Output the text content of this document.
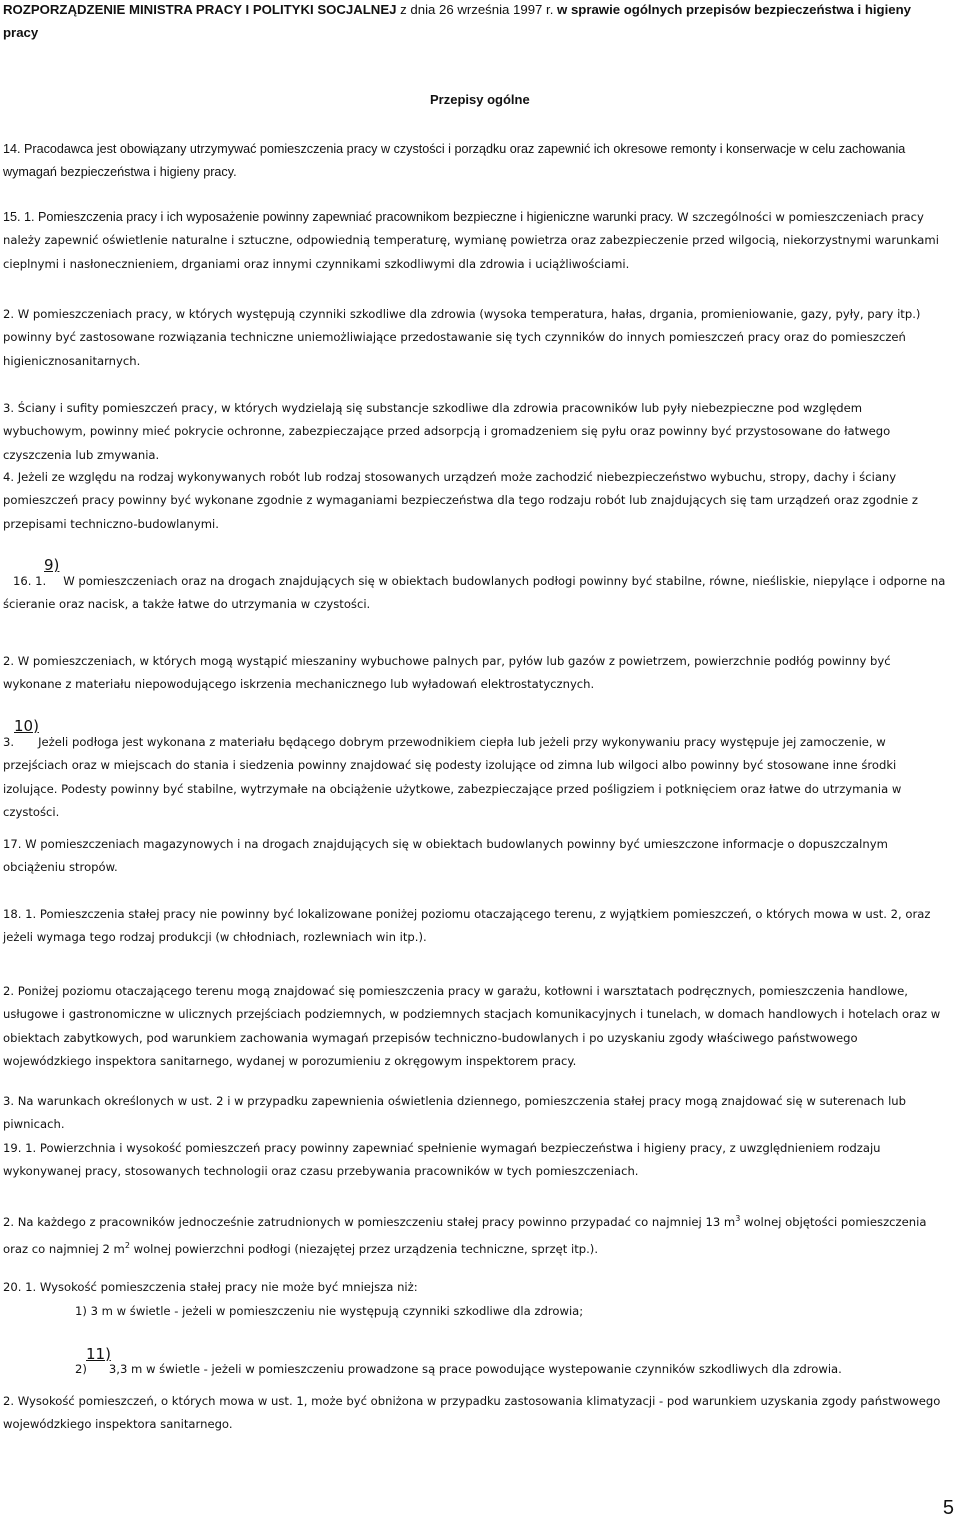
ROZPORZĄDZENIE MINISTRA PRACY I POLITYKI SOCJALNEJ z dnia 26 września 1997 r. w sprawie ogólnych przepisów bezpieczeństwa i higieny pracy
Przepisy ogólne

14. Pracodawca jest obowiązany utrzymywać pomieszczenia pracy w czystości i porządku oraz zapewnić ich okresowe remonty i konserwacje w celu zachowania wymagań bezpieczeństwa i higieny pracy.

15. 1. Pomieszczenia pracy i ich wyposażenie powinny zapewniać pracownikom bezpieczne i higieniczne warunki pracy. W szczególności w pomieszczeniach pracy należy zapewnić oświetlenie naturalne i sztuczne, odpowiednią temperaturę, wymianę powietrza oraz zabezpieczenie przed wilgocią, niekorzystnymi warunkami cieplnymi i nasłonecznieniem, drganiami oraz innymi czynnikami szkodliwymi dla zdrowia i uciążliwościami.

2. W pomieszczeniach pracy, w których występują czynniki szkodliwe dla zdrowia (wysoka temperatura, hałas, drgania, promieniowanie, gazy, pyły, pary itp.) powinny być zastosowane rozwiązania techniczne uniemożliwiające przedostawanie się tych czynników do innych pomieszczeń pracy oraz do pomieszczeń higienicznosanitarnych.

3. Ściany i sufity pomieszczeń pracy, w których wydzielają się substancje szkodliwe dla zdrowia pracowników lub pyły niebezpieczne pod względem wybuchowym, powinny mieć pokrycie ochronne, zabezpieczające przed adsorpcją i gromadzeniem się pyłu oraz powinny być przystosowane do łatwego czyszczenia lub zmywania.

4. Jeżeli ze względu na rodzaj wykonywanych robót lub rodzaj stosowanych urządzeń może zachodzić niebezpieczeństwo wybuchu, stropy, dachy i ściany pomieszczeń pracy powinny być wykonane zgodnie z wymaganiami bezpieczeństwa dla tego rodzaju robót lub znajdujących się tam urządzeń oraz zgodnie z przepisami techniczno-budowlanymi.

9)

16. 1. W pomieszczeniach oraz na drogach znajdujących się w obiektach budowlanych podłogi powinny być stabilne, równe, nieśliskie, niepylące i odporne na ścieranie oraz nacisk, a także łatwe do utrzymania w czystości.

2. W pomieszczeniach, w których mogą wystąpić mieszaniny wybuchowe palnych par, pyłów lub gazów z powietrzem, powierzchnie podłóg powinny być wykonane z materiału niepowodującego iskrzenia mechanicznego lub wyładowań elektrostatycznych.

10)

3. Jeżeli podłoga jest wykonana z materiału będącego dobrym przewodnikiem ciepła lub jeżeli przy wykonywaniu pracy występuje jej zamoczenie, w przejściach oraz w miejscach do stania i siedzenia powinny znajdować się podesty izolujące od zimna lub wilgoci albo powinny być stosowane inne środki izolujące. Podesty powinny być stabilne, wytrzymałe na obciążenie użytkowe, zabezpieczające przed pośligziem i potknięciem oraz łatwe do utrzymania w czystości.

17. W pomieszczeniach magazynowych i na drogach znajdujących się w obiektach budowlanych powinny być umieszczone informacje o dopuszczalnym obciążeniu stropów.

18. 1. Pomieszczenia stałej pracy nie powinny być lokalizowane poniżej poziomu otaczającego terenu, z wyjątkiem pomieszczeń, o których mowa w ust. 2, oraz jeżeli wymaga tego rodzaj produkcji (w chłodniach, rozlewniach win itp.).

2. Poniżej poziomu otaczającego terenu mogą znajdować się pomieszczenia pracy w garażu, kotłowni i warsztatach podręcznych, pomieszczenia handlowe, usługowe i gastronomiczne w ulicznych przejściach podziemnych, w podziemnych stacjach komunikacyjnych i tunelach, w domach handlowych i hotelach oraz w obiektach zabytkowych, pod warunkiem zachowania wymagań przepisów techniczno-budowlanych i po uzyskaniu zgody właściwego państwowego wojewódzkiego inspektora sanitarnego, wydanej w porozumieniu z okręgowym inspektorem pracy.

3. Na warunkach określonych w ust. 2 i w przypadku zapewnienia oświetlenia dziennego, pomieszczenia stałej pracy mogą znajdować się w suterenach lub piwnicach.

19. 1. Powierzchnia i wysokość pomieszczeń pracy powinny zapewniać spełnienie wymagań bezpieczeństwa i higieny pracy, z uwzględnieniem rodzaju wykonywanej pracy, stosowanych technologii oraz czasu przebywania pracowników w tych pomieszczeniach.

2. Na każdego z pracowników jednocześnie zatrudnionych w pomieszczeniu stałej pracy powinno przypadać co najmniej 13 $m^3$ wolnej objętości pomieszczenia oraz co najmniej 2 $m^2$ wolnej powierzchni podłogi (niezajętej przez urządzenia techniczne, sprzęt itp.).

20. 1. Wysokość pomieszczenia stałej pracy nie może być mniejsza niż:

1) 3 m w świetle - jeżeli w pomieszczeniu nie występują czynniki szkodliwe dla zdrowia;

11)

2) 3,3 m w świetle - jeżeli w pomieszczeniu prowadzone są prace powodujące wystepowanie czynników szkodliwych dla zdrowia.

2. Wysokość pomieszczeń, o których mowa w ust. 1, może być obniżona w przypadku zastosowania klimatyzacji - pod warunkiem uzyskania zgody państwowego wojewódzkiego inspektora sanitarnego.

5
